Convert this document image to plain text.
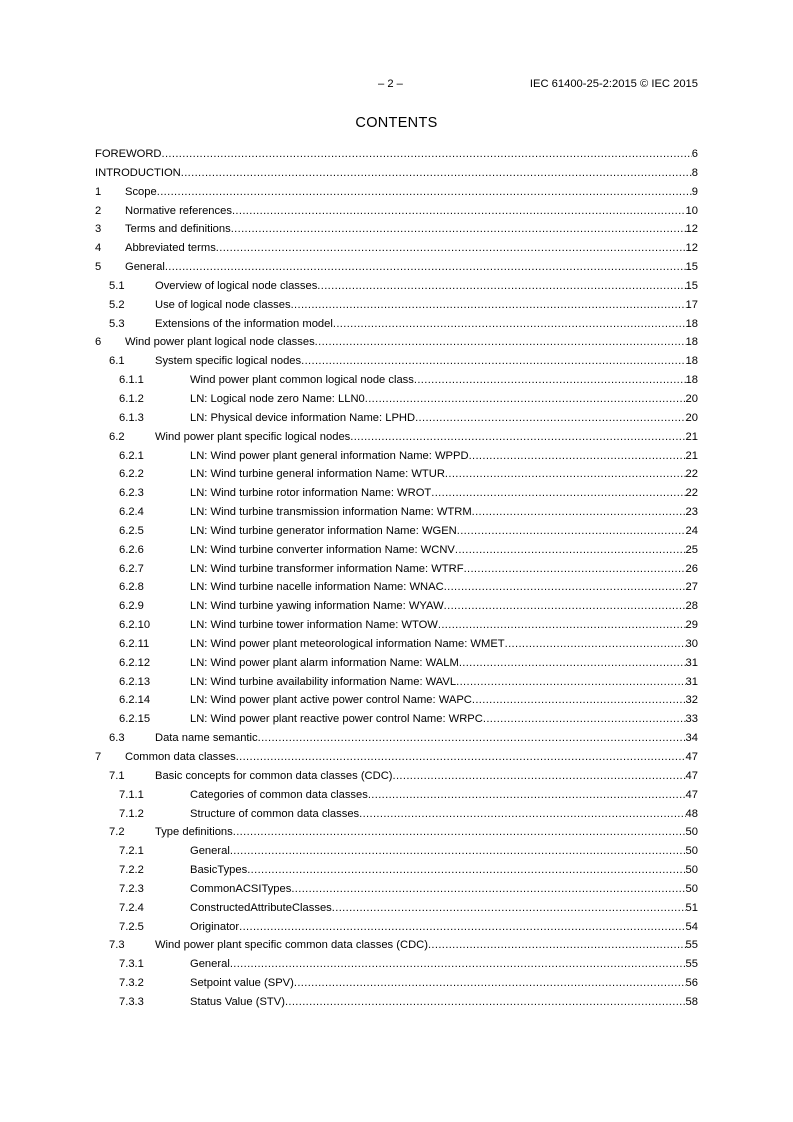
– 2 –	IEC 61400-25-2:2015 © IEC 2015
CONTENTS
FOREWORD .....	6
INTRODUCTION .....	8
1	Scope .....	9
2	Normative references .....	10
3	Terms and definitions .....	12
4	Abbreviated terms .....	12
5	General .....	15
5.1	Overview of logical node classes .....	15
5.2	Use of logical node classes .....	17
5.3	Extensions of the information model .....	18
6	Wind power plant logical node classes .....	18
6.1	System specific logical nodes .....	18
6.1.1	Wind power plant common logical node class .....	18
6.1.2	LN: Logical node zero Name: LLN0 .....	20
6.1.3	LN: Physical device information Name: LPHD .....	20
6.2	Wind power plant specific logical nodes .....	21
6.2.1	LN: Wind power plant general information Name: WPPD .....	21
6.2.2	LN: Wind turbine general information Name: WTUR .....	22
6.2.3	LN: Wind turbine rotor information Name: WROT .....	22
6.2.4	LN: Wind turbine transmission information Name: WTRM .....	23
6.2.5	LN: Wind turbine generator information Name: WGEN .....	24
6.2.6	LN: Wind turbine converter information Name: WCNV .....	25
6.2.7	LN: Wind turbine transformer information Name: WTRF .....	26
6.2.8	LN: Wind turbine nacelle information Name: WNAC .....	27
6.2.9	LN: Wind turbine yawing information Name: WYAW .....	28
6.2.10	LN: Wind turbine tower information Name: WTOW .....	29
6.2.11	LN: Wind power plant meteorological information Name: WMET .....	30
6.2.12	LN: Wind power plant alarm information Name: WALM .....	31
6.2.13	LN: Wind turbine availability information Name: WAVL .....	31
6.2.14	LN: Wind power plant active power control Name: WAPC .....	32
6.2.15	LN: Wind power plant reactive power control Name: WRPC .....	33
6.3	Data name semantic .....	34
7	Common data classes .....	47
7.1	Basic concepts for common data classes (CDC) .....	47
7.1.1	Categories of common data classes .....	47
7.1.2	Structure of common data classes .....	48
7.2	Type definitions .....	50
7.2.1	General .....	50
7.2.2	BasicTypes .....	50
7.2.3	CommonACSITypes .....	50
7.2.4	ConstructedAttributeClasses .....	51
7.2.5	Originator .....	54
7.3	Wind power plant specific common data classes (CDC) .....	55
7.3.1	General .....	55
7.3.2	Setpoint value (SPV) .....	56
7.3.3	Status Value (STV) .....	58
